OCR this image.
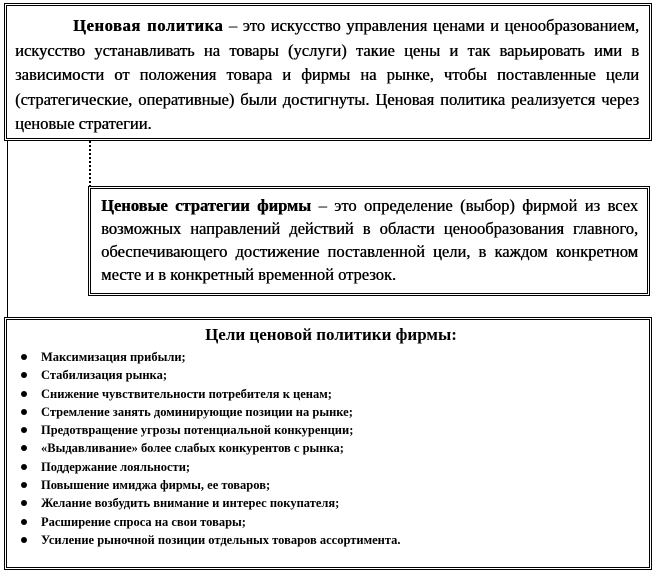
Ценовая политика – это искусство управления ценами и ценообразованием, искусство устанавливать на товары (услуги) такие цены и так варьировать ими в зависимости от положения товара и фирмы на рынке, чтобы поставленные цели (стратегические, оперативные) были достигнуты. Ценовая политика реализуется через ценовые стратегии.

Ценовые стратегии фирмы – это определение (выбор) фирмой из всех возможных направлений действий в области ценообразования главного, обеспечивающего достижение поставленной цели, в каждом конкретном месте и в конкретный временной отрезок.

Цели ценовой политики фирмы:
Максимизация прибыли;
Стабилизация рынка;
Снижение чувствительности потребителя к ценам;
Стремление занять доминирующие позиции на рынке;
Предотвращение угрозы потенциальной конкуренции;
«Выдавливание» более слабых конкурентов с рынка;
Поддержание лояльности;
Повышение имиджа фирмы, ее товаров;
Желание возбудить внимание и интерес покупателя;
Расширение спроса на свои товары;
Усиление рыночной позиции отдельных товаров ассортимента.
